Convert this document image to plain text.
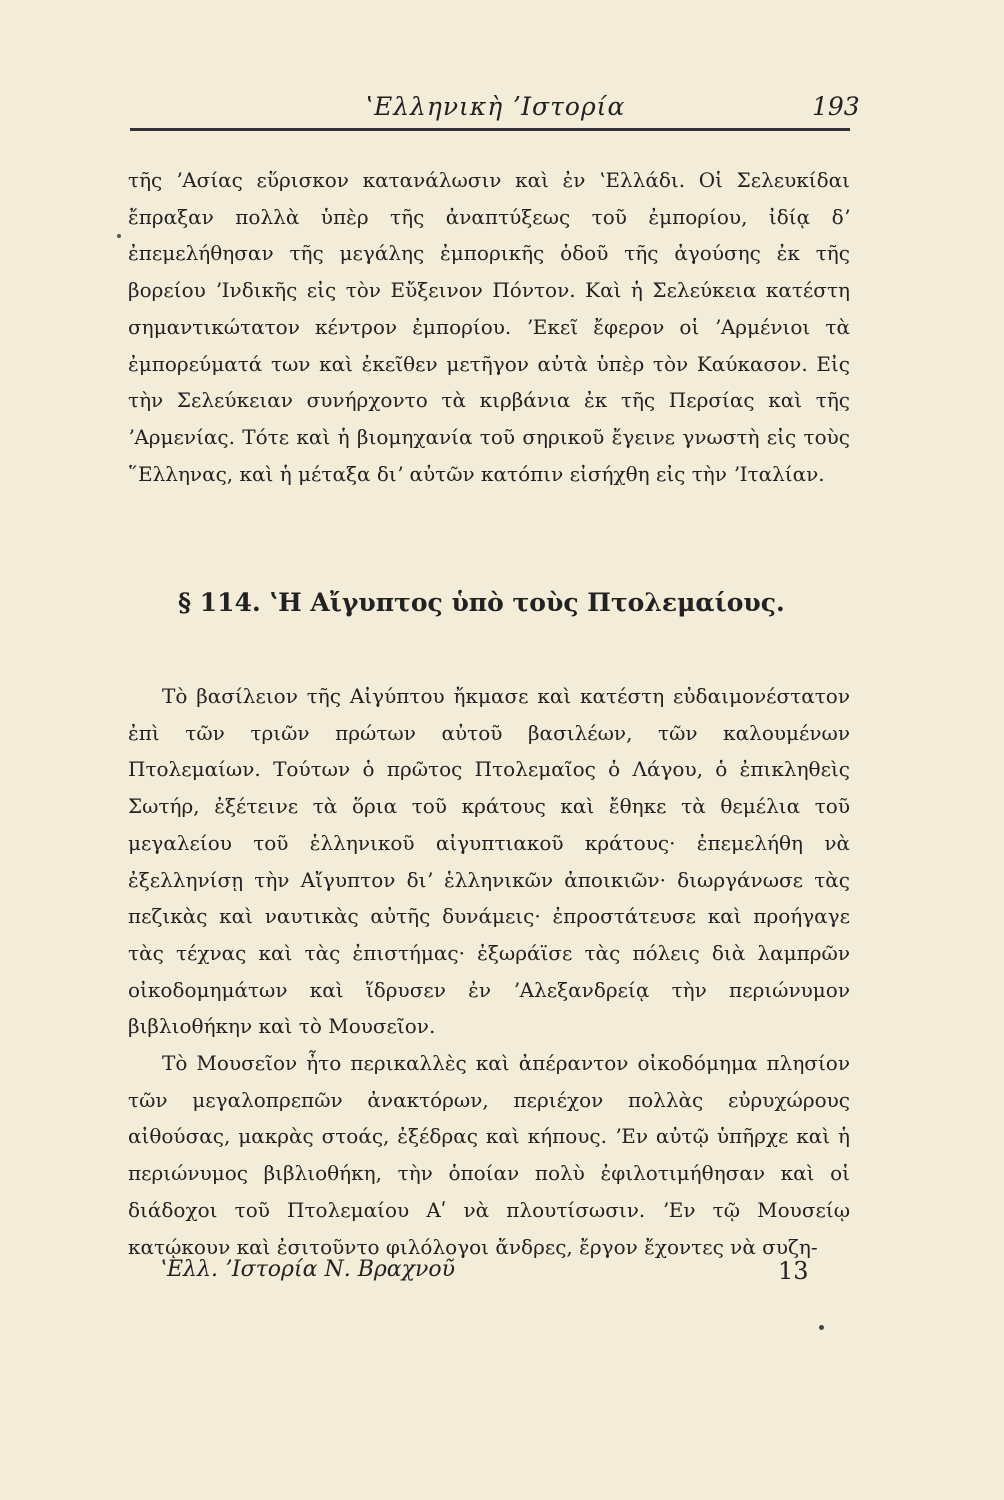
ʽΕλληνικὴ ʼΙστορία	193

τῆς ʼΑσίας εὕρισκον κατανάλωσιν καὶ ἐν ʽΕλλάδι. Οἱ Σελευκίδαι ἔπραξαν πολλὰ ὑπὲρ τῆς ἀναπτύξεως τοῦ ἐμπορίου, ἰδίᾳ δʼ ἐπεμελήθησαν τῆς μεγάλης ἐμπορικῆς ὁδοῦ τῆς ἀγούσης ἐκ τῆς βορείου ʼΙνδικῆς εἰς τὸν Εὔξεινον Πόντον. Καὶ ἡ Σελεύκεια κατέστη σημαντικώτατον κέντρον ἐμπορίου. ʼΕκεῖ ἔφερον οἱ ʼΑρμένιοι τὰ ἐμπορεύματά των καὶ ἐκεῖθεν μετῆγον αὐτὰ ὑπὲρ τὸν Καύκασον. Εἰς τὴν Σελεύκειαν συνήρχοντο τὰ κιρβάνια ἐκ τῆς Περσίας καὶ τῆς ʼΑρμενίας. Τότε καὶ ἡ βιομηχανία τοῦ σηρικοῦ ἔγεινε γνωστὴ εἰς τοὺς ῞Ελληνας, καὶ ἡ μέταξα διʼ αὐτῶν κατόπιν εἰσήχθη εἰς τὴν ʼΙταλίαν.

§ 114. ʽΗ Αἴγυπτος ὑπὸ τοὺς Πτολεμαίους.

Τὸ βασίλειον τῆς Αἰγύπτου ἤκμασε καὶ κατέστη εὐδαιμονέστατον ἐπὶ τῶν τριῶν πρώτων αὐτοῦ βασιλέων, τῶν καλουμένων Πτολεμαίων. Τούτων ὁ πρῶτος Πτολεμαῖος ὁ Λάγου, ὁ ἐπικληθεὶς Σωτήρ, ἐξέτεινε τὰ ὅρια τοῦ κράτους καὶ ἔθηκε τὰ θεμέλια τοῦ μεγαλείου τοῦ ἑλληνικοῦ αἰγυπτιακοῦ κράτους· ἐπεμελήθη νὰ ἐξελληνίσῃ τὴν Αἴγυπτον διʼ ἑλληνικῶν ἀποικιῶν· διωργάνωσε τὰς πεζικὰς καὶ ναυτικὰς αὐτῆς δυνάμεις· ἐπροστάτευσε καὶ προήγαγε τὰς τέχνας καὶ τὰς ἐπιστήμας· ἐξωράϊσε τὰς πόλεις διὰ λαμπρῶν οἰκοδομημάτων καὶ ἵδρυσεν ἐν ʼΑλεξανδρείᾳ τὴν περιώνυμον βιβλιοθήκην καὶ τὸ Μουσεῖον.

Τὸ Μουσεῖον ἦτο περικαλλὲς καὶ ἀπέραντον οἰκοδόμημα πλησίον τῶν μεγαλοπρεπῶν ἀνακτόρων, περιέχον πολλὰς εὐρυχώρους αἰθούσας, μακρὰς στοάς, ἐξέδρας καὶ κήπους. ʼΕν αὐτῷ ὑπῆρχε καὶ ἡ περιώνυμος βιβλιοθήκη, τὴν ὁποίαν πολὺ ἐφιλοτιμήθησαν καὶ οἱ διάδοχοι τοῦ Πτολεμαίου Αʹ νὰ πλουτίσωσιν. ʼΕν τῷ Μουσείῳ κατῴκουν καὶ ἐσιτοῦντο φιλόλογοι ἄνδρες, ἔργον ἔχοντες νὰ συζη-

ʽΕλλ. ʼΙστορία Ν. Βραχνοῦ	13
